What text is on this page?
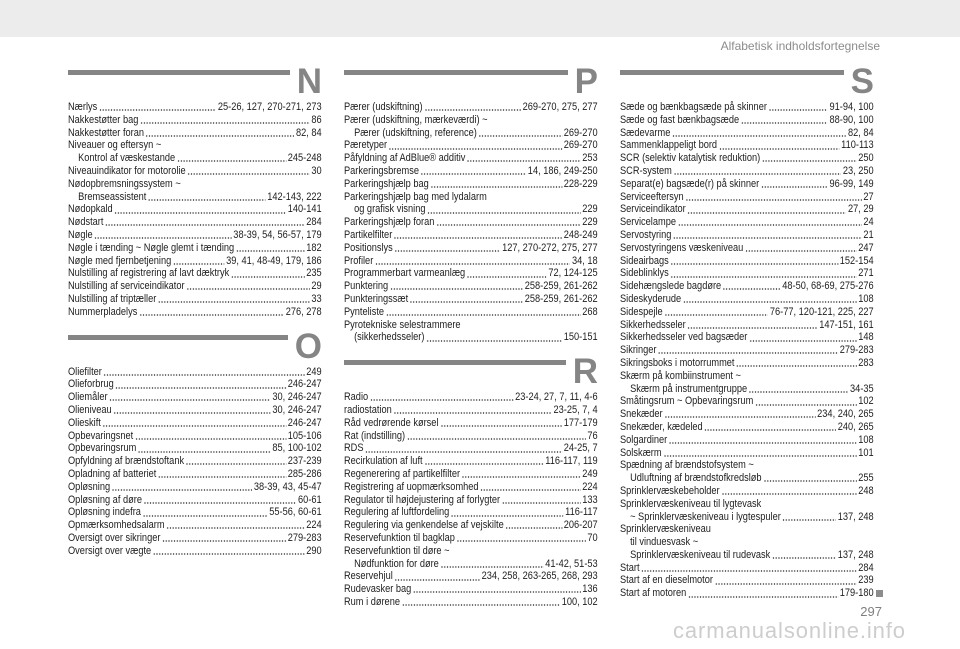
Alfabetisk indholdsfortegnelse
N
Nærlys	25-26, 127, 270-271, 273
Nakkestøtter bag	86
Nakkestøtter foran	82, 84
Niveauer og eftersyn ~
Kontrol af væskestande	245-248
Niveauindikator for motorolie	30
Nødopbremsningssystem ~
Bremseassistent	142-143, 222
Nødopkald	140-141
Nødstart	284
Nøgle	38-39, 54, 56-57, 179
Nøgle i tænding ~ Nøgle glemt i tænding	182
Nøgle med fjernbetjening	39, 41, 48-49, 179, 186
Nulstilling af registrering af lavt dæktryk	235
Nulstilling af serviceindikator	29
Nulstilling af triptæller	33
Nummerpladelys	276, 278
O
Oliefilter	249
Olieforbrug	246-247
Oliemåler	30, 246-247
Olieniveau	30, 246-247
Olieskift	246-247
Opbevaringsnet	105-106
Opbevaringsrum	85, 100-102
Opfyldning af brændstoftank	237-239
Opladning af batteriet	285-286
Opløsning	38-39, 43, 45-47
Opløsning af døre	60-61
Opløsning indefra	55-56, 60-61
Opmærksomhedsalarm	224
Oversigt over sikringer	279-283
Oversigt over vægte	290
P
Pærer (udskiftning)	269-270, 275, 277
Pærer (udskiftning, mærkeværdi) ~
Pærer (udskiftning, reference)	269-270
Pæretyper	269-270
Påfyldning af AdBlue® additiv	253
Parkeringsbremse	14, 186, 249-250
Parkeringshjælp bag	228-229
Parkeringshjælp bag med lydalarm
og grafisk visning	229
Parkeringshjælp foran	229
Partikelfilter	248-249
Positionslys	127, 270-272, 275, 277
Profiler	34, 18
Programmerbart varmeanlæg	72, 124-125
Punktering	258-259, 261-262
Punkteringssæt	258-259, 261-262
Pynteliste	268
Pyrotekniske selestrammere
(sikkerhedsseler)	150-151
R
Radio	23-24, 27, 7, 11, 4-6
radiostation	23-25, 7, 4
Råd vedrørende kørsel	177-179
Rat (indstilling)	76
RDS	24-25, 7
Recirkulation af luft	116-117, 119
Regenerering af partikelfilter	249
Registrering af uopmærksomhed	224
Regulator til højdejustering af forlygter	133
Regulering af luftfordeling	116-117
Regulering via genkendelse af vejskilte	206-207
Reservefunktion til bagklap	70
Reservefunktion til døre ~
Nødfunktion for døre	41-42, 51-53
Reservehjul	234, 258, 263-265, 268, 293
Rudevasker bag	136
Rum i dørene	100, 102
S
Sæde og bænkbagsæde på skinner	91-94, 100
Sæde og fast bænkbagsæde	88-90, 100
Sædevarme	82, 84
Sammenklappeligt bord	110-113
SCR (selektiv katalytisk reduktion)	250
SCR-system	23, 250
Separat(e) bagsæde(r) på skinner	96-99, 149
Serviceeftersyn	27
Serviceindikator	27, 29
Servicelampe	24
Servostyring	21
Servostyringens væskeniveau	247
Sideairbags	152-154
Sideblinklys	271
Sidehængslede bagdøre	48-50, 68-69, 275-276
Sideskyderude	108
Sidespejle	76-77, 120-121, 225, 227
Sikkerhedsseler	147-151, 161
Sikkerhedsseler ved bagsæder	148
Sikringer	279-283
Sikringsboks i motorrummet	283
Skærm på kombiinstrument ~
Skærm på instrumentgruppe	34-35
Småtingsrum ~ Opbevaringsrum	102
Snekæder	234, 240, 265
Snekæder, kædeled	240, 265
Solgardiner	108
Solskærm	101
Spædning af brændstofsystem ~
Udluftning af brændstofkredsløb	255
Sprinklervæskebeholder	248
Sprinklervæskeniveau til lygtevask
~ Sprinklervæskeniveau i lygtespuler	137, 248
Sprinklervæskeniveau
til vinduesvask ~
Sprinklervæskeniveau til rudevask	137, 248
Start	284
Start af en dieselmotor	239
Start af motoren	179-180
297
carmanualsonline.info
